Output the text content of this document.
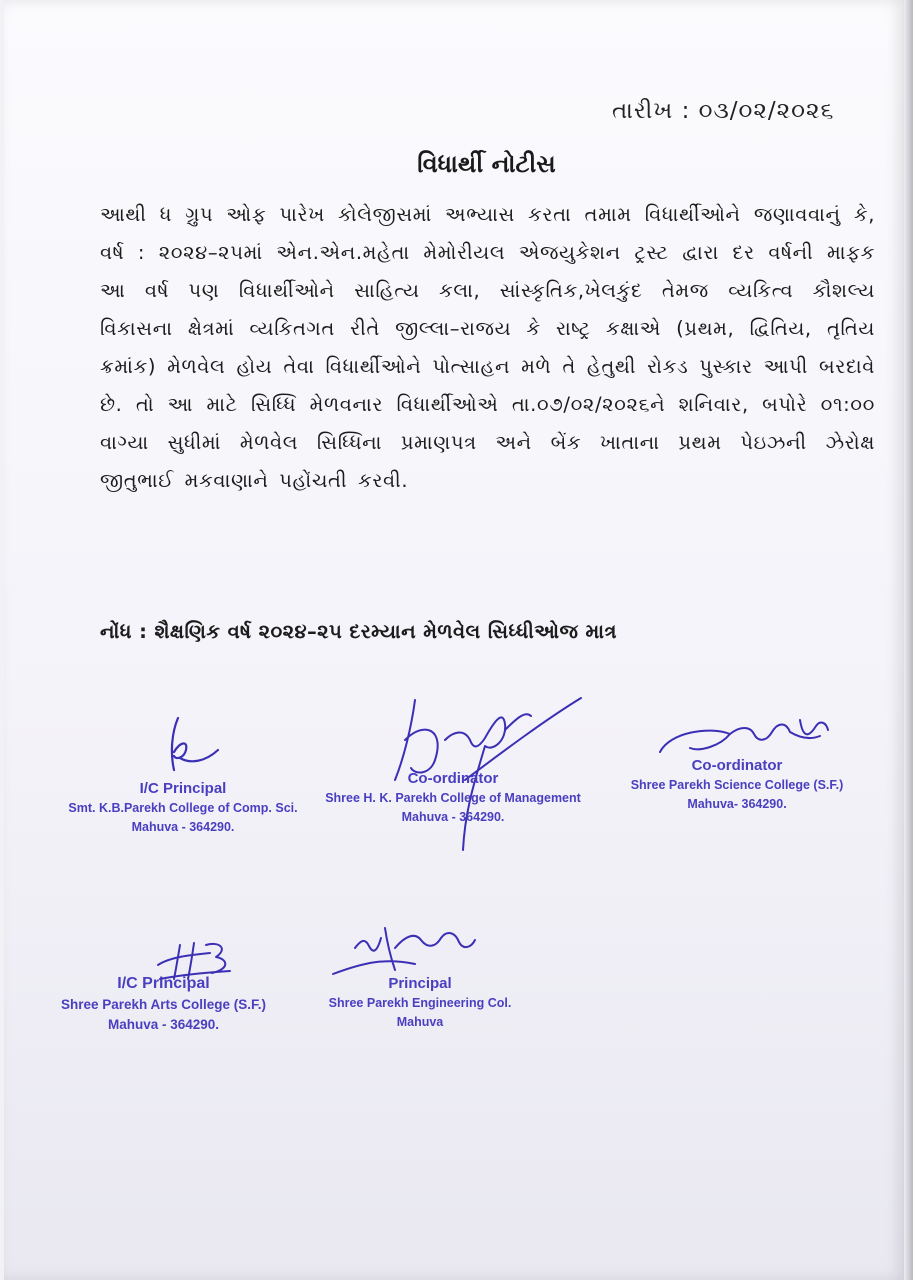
તારીખ : ૦૩/૦૨/૨૦૨૬
વિધાર્થી નોટીસ
આથી ધ ગ્રુપ ઓફ પારેખ કોલેજીસમાં અભ્યાસ કરતા તમામ વિધાર્થીઓને જણાવવાનું કે, વર્ષ : ૨૦૨૪–૨૫માં એન.એન.મહેતા મેમોરીયલ એજયુકેશન ટ્રસ્ટ દ્વારા દર વર્ષની માફક આ વર્ષ પણ વિધાર્થીઓને સાહિત્ય કલા, સાંસ્કૃતિક,ખેલકુંદ તેમજ વ્યકિત્વ કૌશલ્ય વિકાસના ક્ષેત્રમાં વ્યકિતગત રીતે જીલ્લા–રાજય કે રાષ્ટ્ર કક્ષાએ (પ્રથમ, દ્વિતિય, તૃતિય ક્રમાંક) મેળવેલ હોય તેવા વિધાર્થીઓને પોત્સાહન મળે તે હેતુથી રોકડ પુસ્કાર આપી બરદાવે છે. તો આ માટે સિધ્ધિ મેળવનાર વિધાર્થીઓએ તા.૦૭/૦૨/૨૦૨૬ને શનિવાર, બપોરે ૦૧:૦૦ વાગ્યા સુધીમાં મેળવેલ સિધ્ધિના પ્રમાણપત્ર અને બેંક ખાતાના પ્રથમ પેઇઝની ઝેરોક્ષ જીતુભાઈ મકવાણાને પહોંચતી કરવી.
નોંધ : શૈક્ષણિક વર્ષ ૨૦૨૪–૨૫ દરમ્યાન મેળવેલ સિધ્ધીઓજ માત્ર
I/C Principal
Smt. K.B.Parekh College of Comp. Sci.
Mahuva - 364290.
Co-ordinator
Shree H. K. Parekh College of Management
Mahuva - 364290.
Co-ordinator
Shree Parekh Science College (S.F.)
Mahuva- 364290.
I/C Principal
Shree Parekh Arts College (S.F.)
Mahuva - 364290.
Principal
Shree Parekh Engineering Col.
Mahuva
